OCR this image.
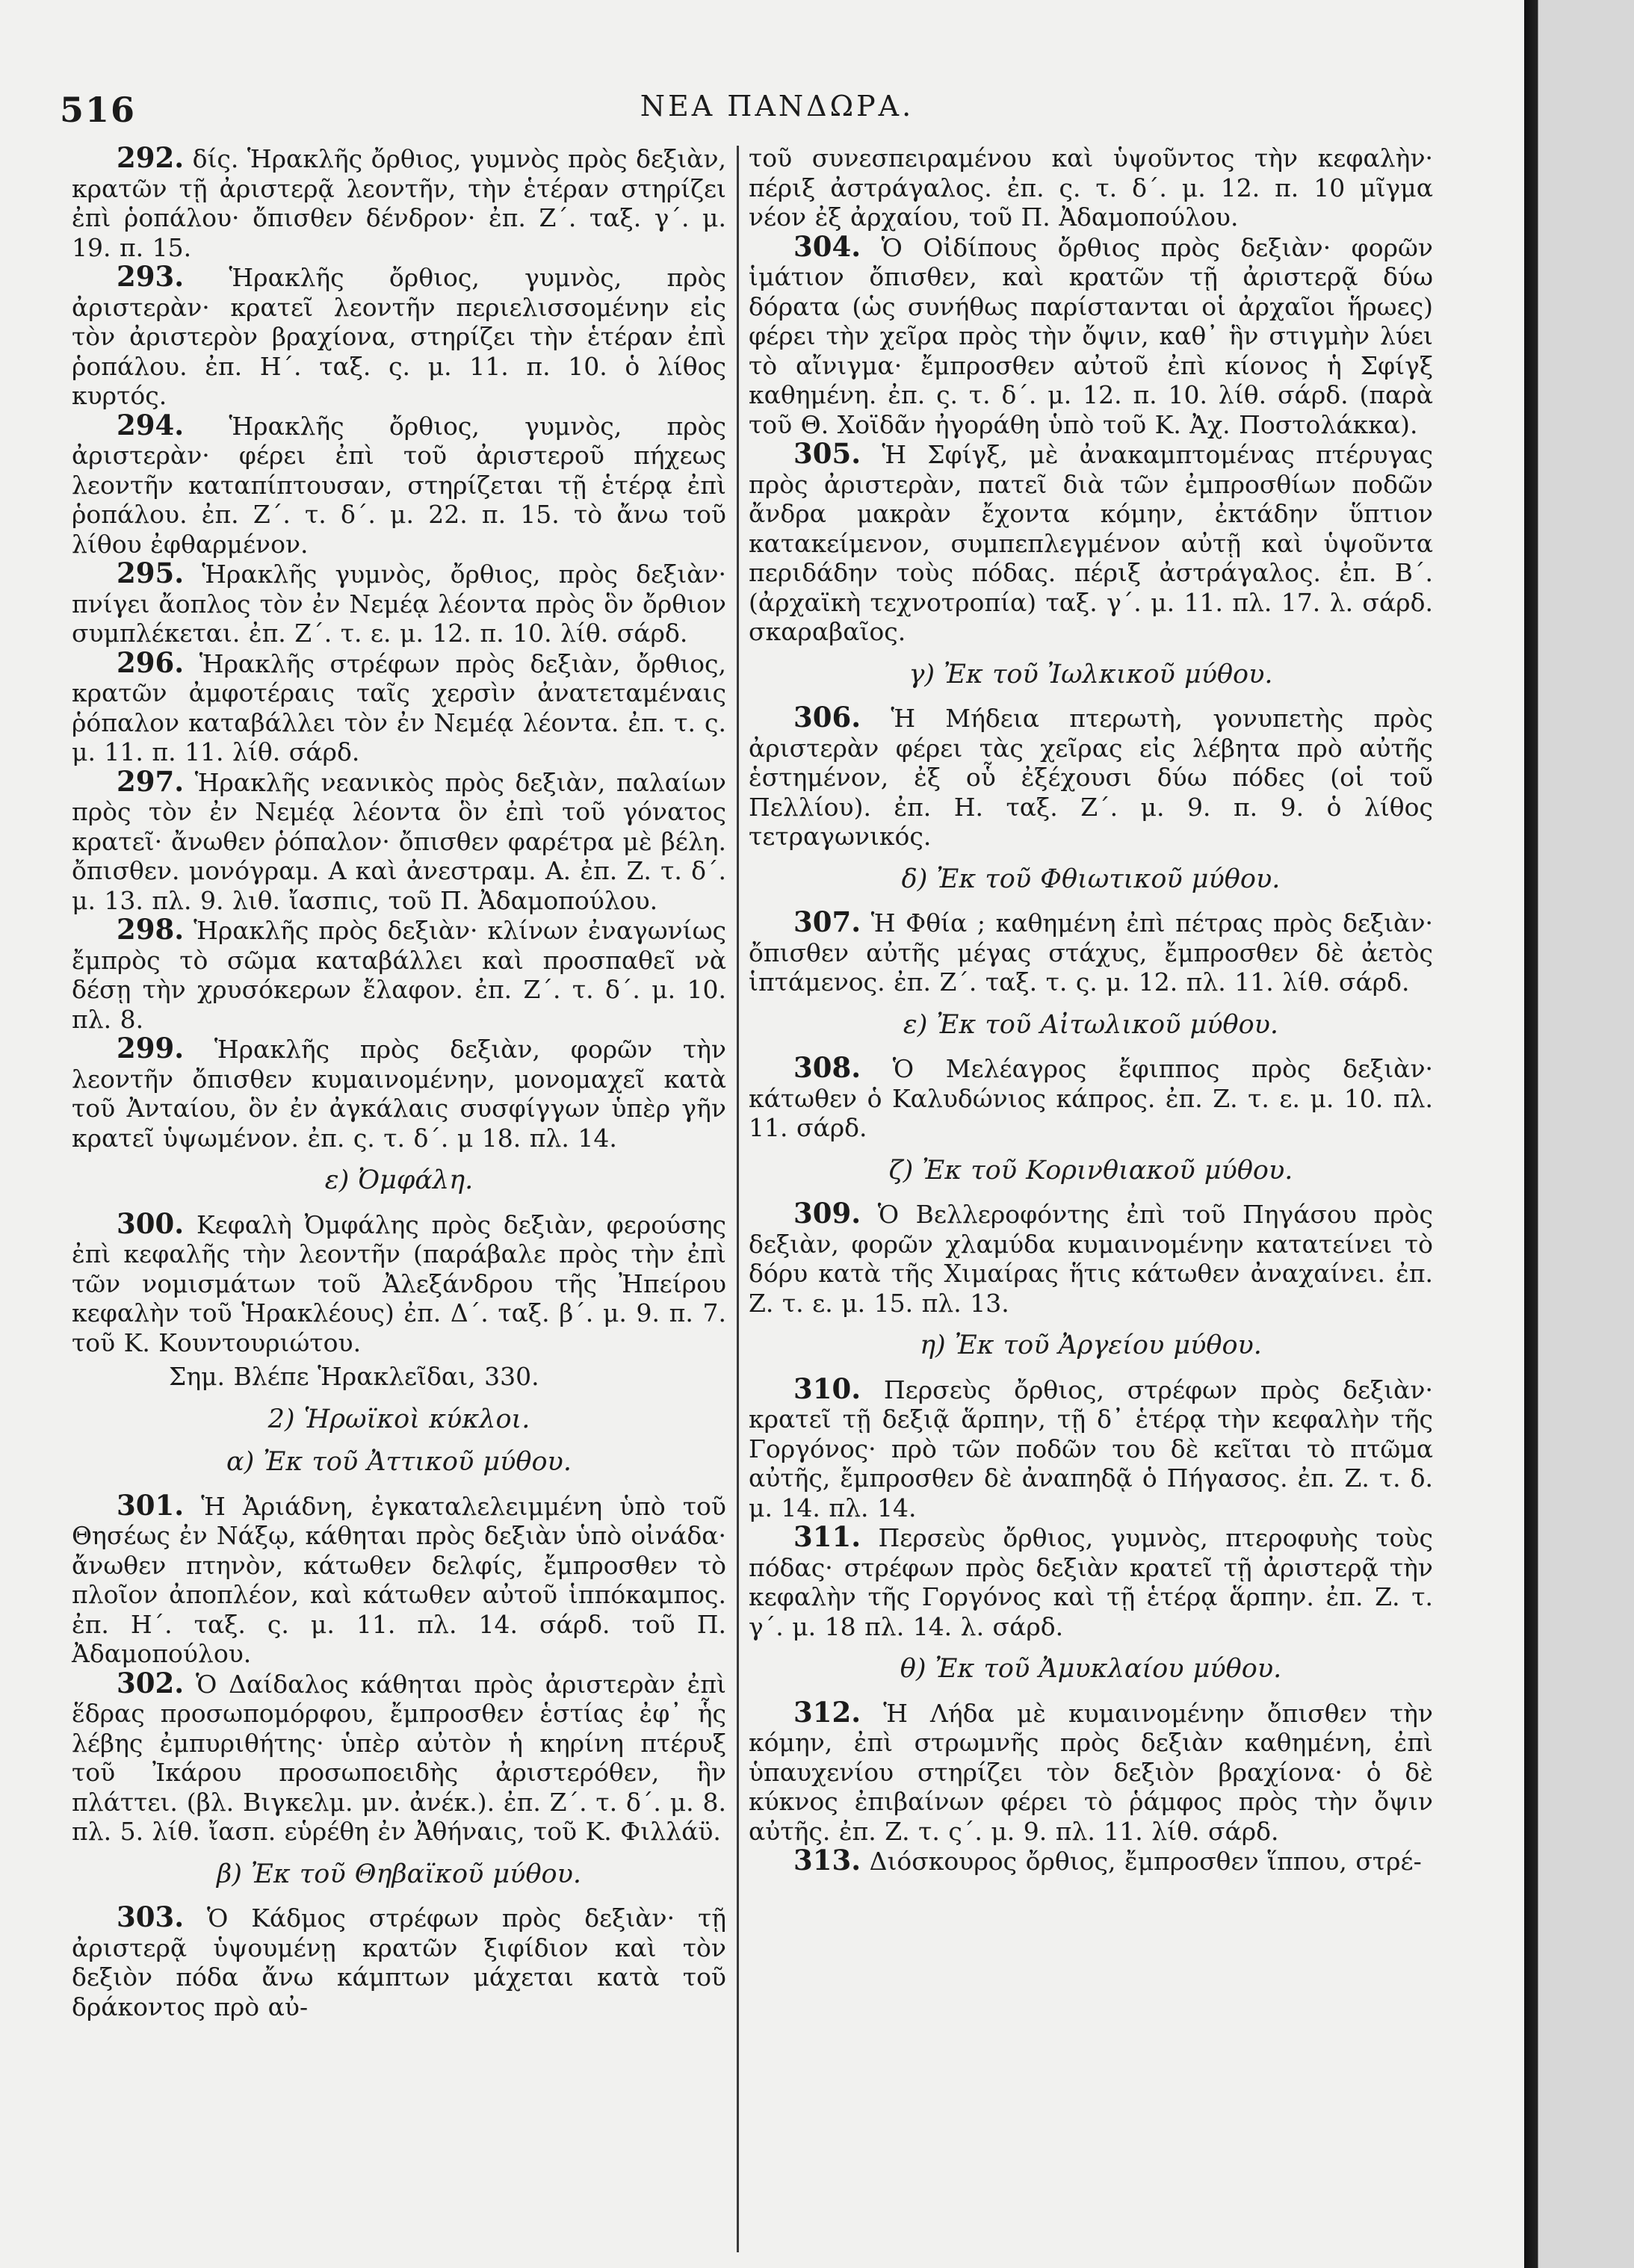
516	ΝΕΑ ΠΑΝΔΩΡΑ.

292. δίς. Ἡρακλῆς ὄρθιος, γυμνὸς πρὸς δεξιὰν, κρατῶν τῇ ἀριστερᾷ λεοντῆν, τὴν ἑτέραν στηρίζει ἐπὶ ῥοπάλου· ὄπισθεν δένδρον· ἐπ. Ζ΄. ταξ. γ΄. μ. 19. π. 15.

293. Ἡρακλῆς ὄρθιος, γυμνὸς, πρὸς ἀριστερὰν· κρατεῖ λεοντῆν περιελισσομένην εἰς τὸν ἀριστερὸν βραχίονα, στηρίζει τὴν ἑτέραν ἐπὶ ῥοπάλου. ἐπ. Η΄. ταξ. ς. μ. 11. π. 10. ὁ λίθος κυρτός.

294. Ἡρακλῆς ὄρθιος, γυμνὸς, πρὸς ἀριστερὰν· φέρει ἐπὶ τοῦ ἀριστεροῦ πήχεως λεοντῆν καταπίπτουσαν, στηρίζεται τῇ ἑτέρᾳ ἐπὶ ῥοπάλου. ἐπ. Ζ΄. τ. δ΄. μ. 22. π. 15. τὸ ἄνω τοῦ λίθου ἐφθαρμένον.

295. Ἡρακλῆς γυμνὸς, ὄρθιος, πρὸς δεξιὰν· πνίγει ἄοπλος τὸν ἐν Νεμέᾳ λέοντα πρὸς ὃν ὄρθιον συμπλέκεται. ἐπ. Ζ΄. τ. ε. μ. 12. π. 10. λίθ. σάρδ.

296. Ἡρακλῆς στρέφων πρὸς δεξιὰν, ὄρθιος, κρατῶν ἀμφοτέραις ταῖς χερσὶν ἀνατεταμέναις ῥόπαλον καταβάλλει τὸν ἐν Νεμέᾳ λέοντα. ἐπ. τ. ς. μ. 11. π. 11. λίθ. σάρδ.

297. Ἡρακλῆς νεανικὸς πρὸς δεξιὰν, παλαίων πρὸς τὸν ἐν Νεμέᾳ λέοντα ὃν ἐπὶ τοῦ γόνατος κρατεῖ· ἄνωθεν ῥόπαλον· ὄπισθεν φαρέτρα μὲ βέλη. ὄπισθεν. μονόγραμ. Α καὶ ἀνεστραμ. Α. ἐπ. Ζ. τ. δ΄. μ. 13. πλ. 9. λιθ. ἴασπις, τοῦ Π. Ἀδαμοπούλου.

298. Ἡρακλῆς πρὸς δεξιὰν· κλίνων ἐναγωνίως ἔμπρὸς τὸ σῶμα καταβάλλει καὶ προσπαθεῖ νὰ δέσῃ τὴν χρυσόκερων ἔλαφον. ἐπ. Ζ΄. τ. δ΄. μ. 10. πλ. 8.

299. Ἡρακλῆς πρὸς δεξιὰν, φορῶν τὴν λεοντῆν ὄπισθεν κυμαινομένην, μονομαχεῖ κατὰ τοῦ Ἀνταίου, ὃν ἐν ἀγκάλαις συσφίγγων ὑπὲρ γῆν κρατεῖ ὑψωμένον. ἐπ. ς. τ. δ΄. μ 18. πλ. 14.

ε) Ὀμφάλη.

300. Κεφαλὴ Ὀμφάλης πρὸς δεξιὰν, φερούσης ἐπὶ κεφαλῆς τὴν λεοντῆν (παράβαλε πρὸς τὴν ἐπὶ τῶν νομισμάτων τοῦ Ἀλεξάνδρου τῆς Ἠπείρου κεφαλὴν τοῦ Ἡρακλέους) ἐπ. Δ΄. ταξ. β΄. μ. 9. π. 7. τοῦ Κ. Κουντουριώτου.

Σημ. Βλέπε Ἡρακλεῖδαι, 330.
2) Ἡρωϊκοὶ κύκλοι.
α) Ἐκ τοῦ Ἀττικοῦ μύθου.

301. Ἡ Ἀριάδνη, ἐγκαταλελειμμένη ὑπὸ τοῦ Θησέως ἐν Νάξῳ, κάθηται πρὸς δεξιὰν ὑπὸ οἰνάδα· ἄνωθεν πτηνὸν, κάτωθεν δελφίς, ἔμπροσθεν τὸ πλοῖον ἀποπλέον, καὶ κάτωθεν αὐτοῦ ἱππόκαμπος. ἐπ. Η΄. ταξ. ς. μ. 11. πλ. 14. σάρδ. τοῦ Π. Ἀδαμοπούλου.

302. Ὁ Δαίδαλος κάθηται πρὸς ἀριστερὰν ἐπὶ ἕδρας προσωπομόρφου, ἔμπροσθεν ἑστίας ἐφ᾽ ἧς λέβης ἐμπυριθήτης· ὑπὲρ αὐτὸν ἡ κηρίνη πτέρυξ τοῦ Ἰκάρου προσωποειδὴς ἀριστερόθεν, ἣν πλάττει. (βλ. Βιγκελμ. μν. ἀνέκ.). ἐπ. Ζ΄. τ. δ΄. μ. 8. πλ. 5. λίθ. ἴασπ. εὑρέθη ἐν Ἀθήναις, τοῦ Κ. Φιλλάϋ.

β) Ἐκ τοῦ Θηβαϊκοῦ μύθου.

303. Ὁ Κάδμος στρέφων πρὸς δεξιὰν· τῇ ἀριστερᾷ ὑψουμένῃ κρατῶν ξιφίδιον καὶ τὸν δεξιὸν πόδα ἄνω κάμπτων μάχεται κατὰ τοῦ δράκοντος πρὸ αὐ-

τοῦ συνεσπειραμένου καὶ ὑψοῦντος τὴν κεφαλὴν· πέριξ ἀστράγαλος. ἐπ. ς. τ. δ΄. μ. 12. π. 10 μῖγμα νέον ἐξ ἀρχαίου, τοῦ Π. Ἀδαμοπούλου.

304. Ὁ Οἰδίπους ὄρθιος πρὸς δεξιὰν· φορῶν ἱμάτιον ὄπισθεν, καὶ κρατῶν τῇ ἀριστερᾷ δύω δόρατα (ὡς συνήθως παρίστανται οἱ ἀρχαῖοι ἥρωες) φέρει τὴν χεῖρα πρὸς τὴν ὄψιν, καθ᾽ ἣν στιγμὴν λύει τὸ αἴνιγμα· ἔμπροσθεν αὐτοῦ ἐπὶ κίονος ἡ Σφίγξ καθημένη. ἐπ. ς. τ. δ΄. μ. 12. π. 10. λίθ. σάρδ. (παρὰ τοῦ Θ. Χοϊδᾶν ἠγοράθη ὑπὸ τοῦ Κ. Ἀχ. Ποστολάκκα).

305. Ἡ Σφίγξ, μὲ ἀνακαμπτομένας πτέρυγας πρὸς ἀριστερὰν, πατεῖ διὰ τῶν ἐμπροσθίων ποδῶν ἄνδρα μακρὰν ἔχοντα κόμην, ἐκτάδην ὕπτιον κατακείμενον, συμπεπλεγμένον αὐτῇ καὶ ὑψοῦντα περιδάδην τοὺς πόδας. πέριξ ἀστράγαλος. ἐπ. Β΄. (ἀρχαϊκὴ τεχνοτροπία) ταξ. γ΄. μ. 11. πλ. 17. λ. σάρδ. σκαραβαῖος.

γ) Ἐκ τοῦ Ἰωλκικοῦ μύθου.

306. Ἡ Μήδεια πτερωτὴ, γονυπετὴς πρὸς ἀριστερὰν φέρει τὰς χεῖρας εἰς λέβητα πρὸ αὐτῆς ἑστημένον, ἐξ οὗ ἐξέχουσι δύω πόδες (οἱ τοῦ Πελλίου). ἐπ. Η. ταξ. Ζ΄. μ. 9. π. 9. ὁ λίθος τετραγωνικός.

δ) Ἐκ τοῦ Φθιωτικοῦ μύθου.

307. Ἡ Φθία ; καθημένη ἐπὶ πέτρας πρὸς δεξιὰν· ὄπισθεν αὐτῆς μέγας στάχυς, ἔμπροσθεν δὲ ἀετὸς ἱπτάμενος. ἐπ. Ζ΄. ταξ. τ. ς. μ. 12. πλ. 11. λίθ. σάρδ.

ε) Ἐκ τοῦ Αἰτωλικοῦ μύθου.

308. Ὁ Μελέαγρος ἔφιππος πρὸς δεξιὰν· κάτωθεν ὁ Καλυδώνιος κάπρος. ἐπ. Ζ. τ. ε. μ. 10. πλ. 11. σάρδ.

ζ) Ἐκ τοῦ Κορινθιακοῦ μύθου.

309. Ὁ Βελλεροφόντης ἐπὶ τοῦ Πηγάσου πρὸς δεξιὰν, φορῶν χλαμύδα κυμαινομένην κατατείνει τὸ δόρυ κατὰ τῆς Χιμαίρας ἥτις κάτωθεν ἀναχαίνει. ἐπ. Ζ. τ. ε. μ. 15. πλ. 13.

η) Ἐκ τοῦ Ἀργείου μύθου.

310. Περσεὺς ὄρθιος, στρέφων πρὸς δεξιὰν· κρατεῖ τῇ δεξιᾷ ἅρπην, τῇ δ᾽ ἑτέρᾳ τὴν κεφαλὴν τῆς Γοργόνος· πρὸ τῶν ποδῶν του δὲ κεῖται τὸ πτῶμα αὐτῆς, ἔμπροσθεν δὲ ἀναπηδᾷ ὁ Πήγασος. ἐπ. Ζ. τ. δ. μ. 14. πλ. 14.

311. Περσεὺς ὄρθιος, γυμνὸς, πτεροφυὴς τοὺς πόδας· στρέφων πρὸς δεξιὰν κρατεῖ τῇ ἀριστερᾷ τὴν κεφαλὴν τῆς Γοργόνος καὶ τῇ ἑτέρᾳ ἅρπην. ἐπ. Ζ. τ. γ΄. μ. 18 πλ. 14. λ. σάρδ.

θ) Ἐκ τοῦ Ἀμυκλαίου μύθου.

312. Ἡ Λήδα μὲ κυμαινομένην ὄπισθεν τὴν κόμην, ἐπὶ στρωμνῆς πρὸς δεξιὰν καθημένη, ἐπὶ ὑπαυχενίου στηρίζει τὸν δεξιὸν βραχίονα· ὁ δὲ κύκνος ἐπιβαίνων φέρει τὸ ῥάμφος πρὸς τὴν ὄψιν αὐτῆς. ἐπ. Ζ. τ. ς΄. μ. 9. πλ. 11. λίθ. σάρδ.

313. Διόσκουρος ὄρθιος, ἔμπροσθεν ἵππου, στρέ-
